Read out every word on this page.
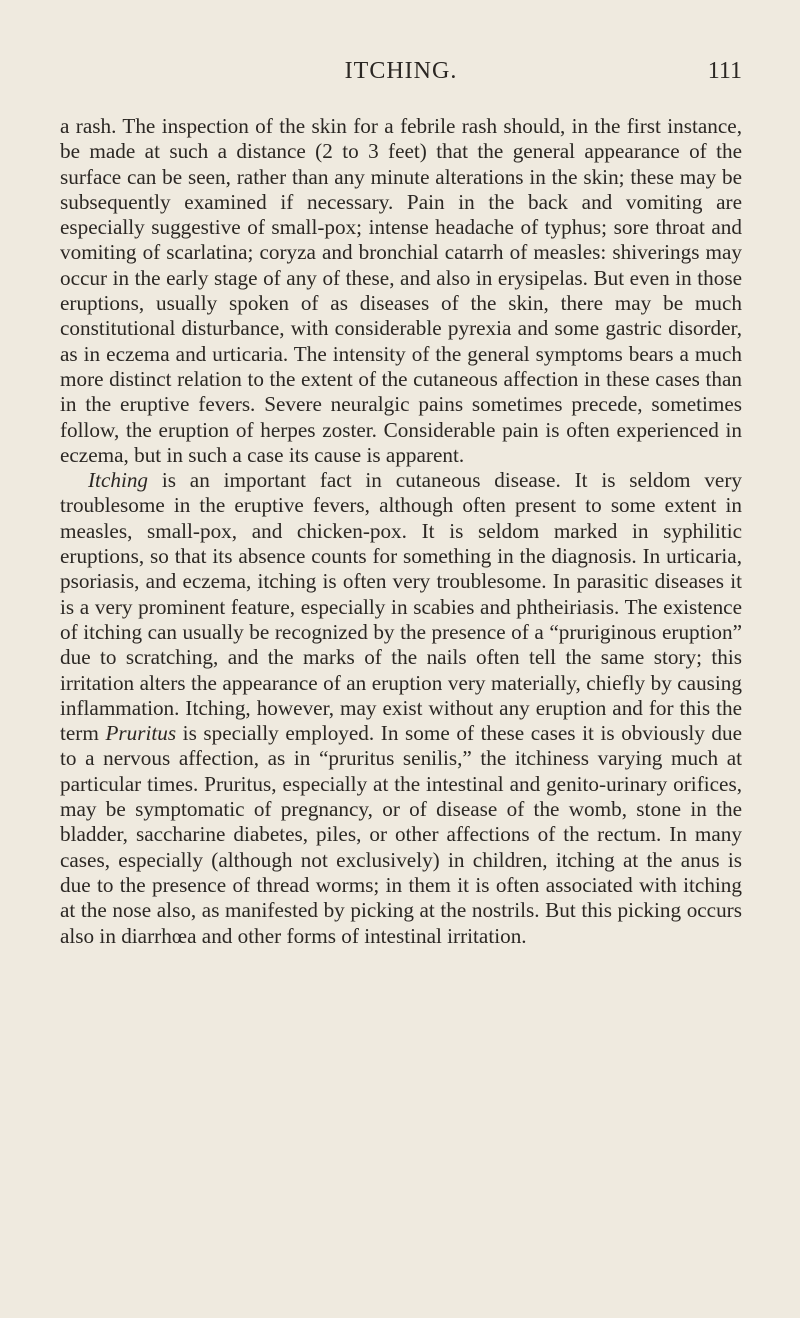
ITCHING.	111

a rash. The inspection of the skin for a febrile rash should, in the first instance, be made at such a distance (2 to 3 feet) that the general appearance of the surface can be seen, rather than any minute alterations in the skin; these may be subsequently examined if necessary. Pain in the back and vomiting are especially suggestive of small-pox; intense headache of typhus; sore throat and vomiting of scarlatina; coryza and bronchial catarrh of measles: shiverings may occur in the early stage of any of these, and also in erysipelas. But even in those eruptions, usually spoken of as diseases of the skin, there may be much constitutional disturbance, with considerable pyrexia and some gastric disorder, as in eczema and urticaria. The intensity of the general symptoms bears a much more distinct relation to the extent of the cutaneous affection in these cases than in the eruptive fevers. Severe neuralgic pains sometimes precede, sometimes follow, the eruption of herpes zoster. Considerable pain is often experienced in eczema, but in such a case its cause is apparent.

Itching is an important fact in cutaneous disease. It is seldom very troublesome in the eruptive fevers, although often present to some extent in measles, small-pox, and chicken-pox. It is seldom marked in syphilitic eruptions, so that its absence counts for something in the diagnosis. In urticaria, psoriasis, and eczema, itching is often very troublesome. In parasitic diseases it is a very prominent feature, especially in scabies and phtheiriasis. The existence of itching can usually be recognized by the presence of a “pruriginous eruption” due to scratching, and the marks of the nails often tell the same story; this irritation alters the appearance of an eruption very materially, chiefly by causing inflammation. Itching, however, may exist without any eruption and for this the term Pruritus is specially employed. In some of these cases it is obviously due to a nervous affection, as in “pruritus senilis,” the itchiness varying much at particular times. Pruritus, especially at the intestinal and genito-urinary orifices, may be symptomatic of pregnancy, or of disease of the womb, stone in the bladder, saccharine diabetes, piles, or other affections of the rectum. In many cases, especially (although not exclusively) in children, itching at the anus is due to the presence of thread worms; in them it is often associated with itching at the nose also, as manifested by picking at the nostrils. But this picking occurs also in diarrhœa and other forms of intestinal irritation.
